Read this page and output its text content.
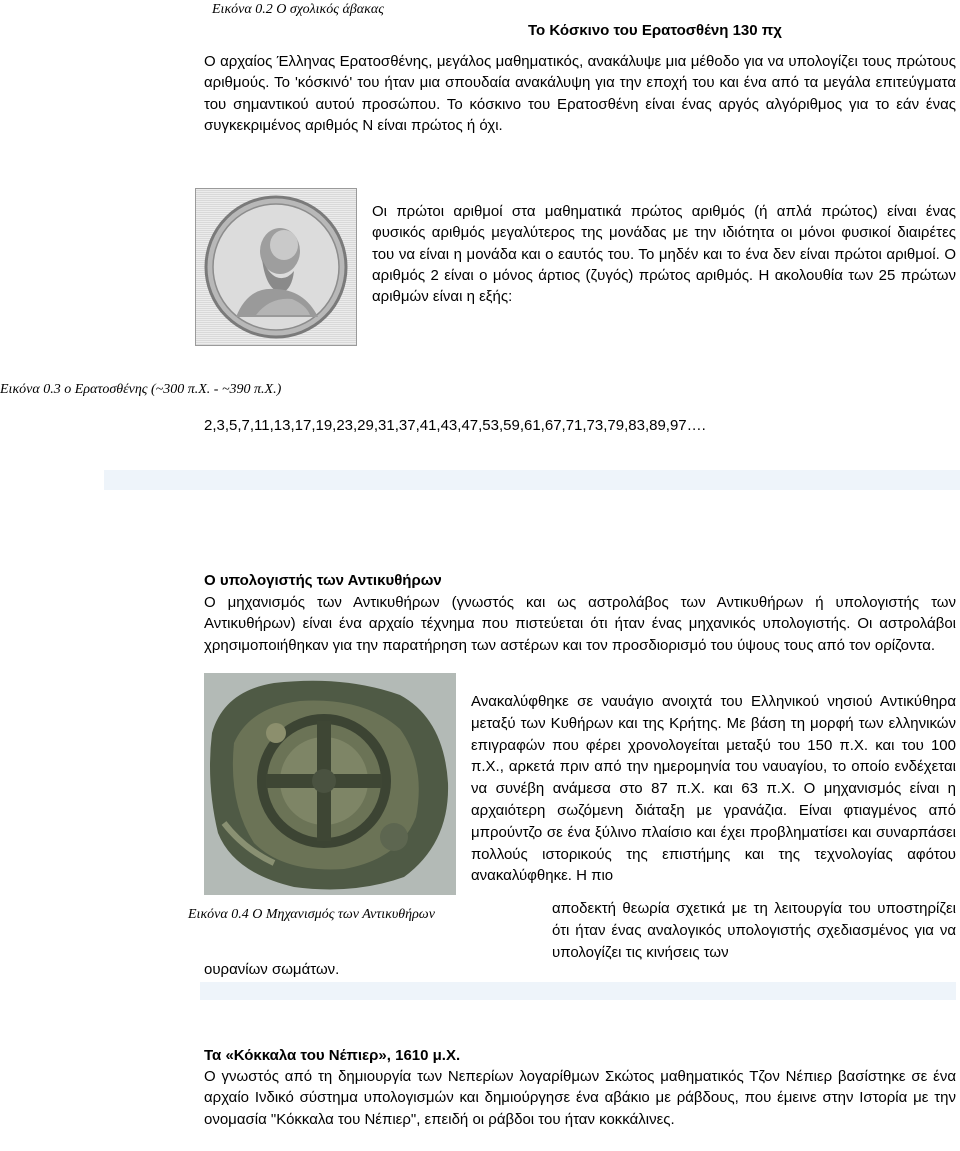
Εικόνα 0.2 Ο σχολικός άβακας
Το Κόσκινο του Ερατοσθένη 130 πχ
Ο αρχαίος Έλληνας Ερατοσθένης, μεγάλος μαθηματικός, ανακάλυψε μια μέθοδο για να υπολογίζει τους πρώτους αριθμούς. Το 'κόσκινό' του ήταν μια σπουδαία ανακάλυψη για την εποχή του και ένα από τα μεγάλα επιτεύγματα του σημαντικού αυτού προσώπου. Το κόσκινο του Ερατοσθένη είναι ένας αργός αλγόριθμος για το εάν ένας συγκεκριμένος αριθμός Ν είναι πρώτος ή όχι.
Οι πρώτοι αριθμοί στα μαθηματικά πρώτος αριθμός (ή απλά πρώτος) είναι ένας φυσικός αριθμός μεγαλύτερος της μονάδας με την ιδιότητα οι μόνοι φυσικοί διαιρέτες του να είναι η μονάδα και ο εαυτός του. Το μηδέν και το ένα δεν είναι πρώτοι αριθμοί. Ο αριθμός 2 είναι ο μόνος άρτιος (ζυγός) πρώτος αριθμός. Η ακολουθία των 25 πρώτων αριθμών είναι η εξής:
Εικόνα 0.3 ο Ερατοσθένης (~300 π.Χ. - ~390 π.Χ.)
2,3,5,7,11,13,17,19,23,29,31,37,41,43,47,53,59,61,67,71,73,79,83,89,97….
Ο υπολογιστής των Αντικυθήρων
Ο μηχανισμός των Αντικυθήρων (γνωστός και ως αστρολάβος των Αντικυθήρων ή υπολογιστής των Αντικυθήρων) είναι ένα αρχαίο τέχνημα που πιστεύεται ότι ήταν ένας μηχανικός υπολογιστής. Οι αστρολάβοι χρησιμοποιήθηκαν για την παρατήρηση των αστέρων και τον προσδιορισμό του ύψους τους από τον ορίζοντα.
Εικόνα 0.4 Ο Μηχανισμός των Αντικυθήρων
Ανακαλύφθηκε σε ναυάγιο ανοιχτά του Ελληνικού νησιού Αντικύθηρα μεταξύ των Κυθήρων και της Κρήτης. Με βάση τη μορφή των ελληνικών επιγραφών που φέρει χρονολογείται μεταξύ του 150 π.Χ. και του 100 π.Χ., αρκετά πριν από την ημερομηνία του ναυαγίου, το οποίο ενδέχεται να συνέβη ανάμεσα στο 87 π.Χ. και 63 π.Χ. Ο μηχανισμός είναι η αρχαιότερη σωζόμενη διάταξη με γρανάζια. Είναι φτιαγμένος από μπρούντζο σε ένα ξύλινο πλαίσιο και έχει προβληματίσει και συναρπάσει πολλούς ιστορικούς της επιστήμης και της τεχνολογίας αφότου ανακαλύφθηκε. Η πιο
αποδεκτή θεωρία σχετικά με τη λειτουργία του υποστηρίζει ότι ήταν ένας αναλογικός υπολογιστής σχεδιασμένος για να υπολογίζει τις κινήσεις των
ουρανίων σωμάτων.
Τα «Κόκκαλα του Νέπιερ», 1610 μ.Χ.
Ο γνωστός από τη δημιουργία των Νεπερίων λογαρίθμων Σκώτος μαθηματικός Τζον Νέπιερ βασίστηκε σε ένα αρχαίο Ινδικό σύστημα υπολογισμών και δημιούργησε ένα αβάκιο με ράβδους, που έμεινε στην Ιστορία με την ονομασία "Κόκκαλα του Νέπιερ", επειδή οι ράβδοι του ήταν κοκκάλινες.
